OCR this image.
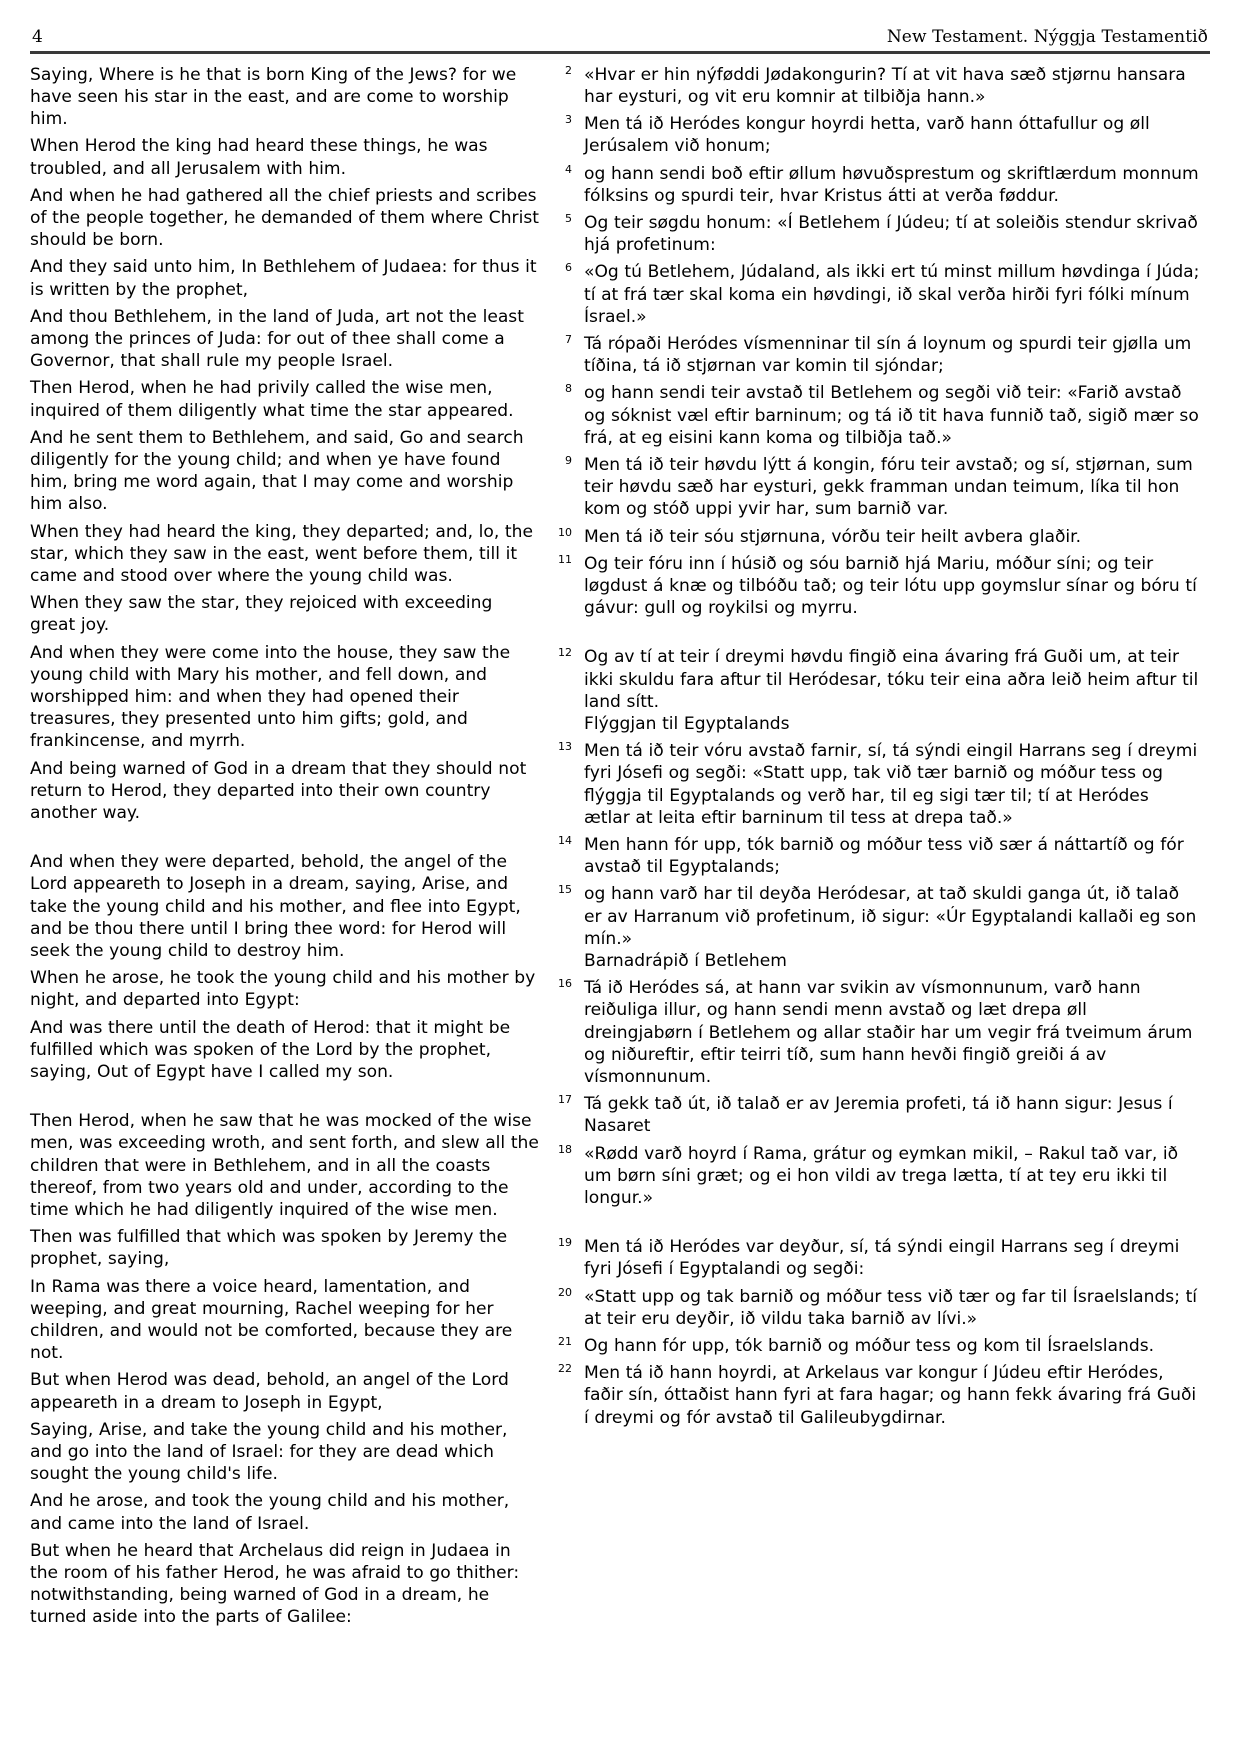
4	New Testament. Nýggja Testamentið

Saying, Where is he that is born King of the Jews? for we have seen his star in the east, and are come to worship him.

When Herod the king had heard these things, he was troubled, and all Jerusalem with him.

And when he had gathered all the chief priests and scribes of the people together, he demanded of them where Christ should be born.

And they said unto him, In Bethlehem of Judaea: for thus it is written by the prophet,

And thou Bethlehem, in the land of Juda, art not the least among the princes of Juda: for out of thee shall come a Governor, that shall rule my people Israel.

Then Herod, when he had privily called the wise men, inquired of them diligently what time the star appeared.

And he sent them to Bethlehem, and said, Go and search diligently for the young child; and when ye have found him, bring me word again, that I may come and worship him also.

When they had heard the king, they departed; and, lo, the star, which they saw in the east, went before them, till it came and stood over where the young child was.

When they saw the star, they rejoiced with exceeding great joy.

And when they were come into the house, they saw the young child with Mary his mother, and fell down, and worshipped him: and when they had opened their treasures, they presented unto him gifts; gold, and frankincense, and myrrh.

And being warned of God in a dream that they should not return to Herod, they departed into their own country another way.

And when they were departed, behold, the angel of the Lord appeareth to Joseph in a dream, saying, Arise, and take the young child and his mother, and flee into Egypt, and be thou there until I bring thee word: for Herod will seek the young child to destroy him.

When he arose, he took the young child and his mother by night, and departed into Egypt:

And was there until the death of Herod: that it might be fulfilled which was spoken of the Lord by the prophet, saying, Out of Egypt have I called my son.

Then Herod, when he saw that he was mocked of the wise men, was exceeding wroth, and sent forth, and slew all the children that were in Bethlehem, and in all the coasts thereof, from two years old and under, according to the time which he had diligently inquired of the wise men.

Then was fulfilled that which was spoken by Jeremy the prophet, saying,

In Rama was there a voice heard, lamentation, and weeping, and great mourning, Rachel weeping for her children, and would not be comforted, because they are not.

But when Herod was dead, behold, an angel of the Lord appeareth in a dream to Joseph in Egypt,

Saying, Arise, and take the young child and his mother, and go into the land of Israel: for they are dead which sought the young child's life.

And he arose, and took the young child and his mother, and came into the land of Israel.

But when he heard that Archelaus did reign in Judaea in the room of his father Herod, he was afraid to go thither: notwithstanding, being warned of God in a dream, he turned aside into the parts of Galilee:

2 «Hvar er hin nýføddi Jødakongurin? Tí at vit hava sæð stjørnu hansara har eysturi, og vit eru komnir at tilbiðja hann.»
3 Men tá ið Heródes kongur hoyrdi hetta, varð hann óttafullur og øll Jerúsalem við honum;
4 og hann sendi boð eftir øllum høvuðsprestum og skriftlærdum monnum fólksins og spurdi teir, hvar Kristus átti at verða føddur.
5 Og teir søgdu honum: «Í Betlehem í Júdeu; tí at soleiðis stendur skrivað hjá profetinum:
6 «Og tú Betlehem, Júdaland, als ikki ert tú minst millum høvdinga í Júda; tí at frá tær skal koma ein høvdingi, ið skal verða hirði fyri fólki mínum Ísrael.»
7 Tá rópaði Heródes vísmenninar til sín á loynum og spurdi teir gjølla um tíðina, tá ið stjørnan var komin til sjóndar;
8 og hann sendi teir avstað til Betlehem og segði við teir: «Farið avstað og sóknist væl eftir barninum; og tá ið tit hava funnið tað, sigið mær so frá, at eg eisini kann koma og tilbiðja tað.»
9 Men tá ið teir høvdu lýtt á kongin, fóru teir avstað; og sí, stjørnan, sum teir høvdu sæð har eysturi, gekk framman undan teimum, líka til hon kom og stóð uppi yvir har, sum barnið var.
10 Men tá ið teir sóu stjørnuna, vórðu teir heilt avbera glaðir.
11 Og teir fóru inn í húsið og sóu barnið hjá Mariu, móður síni; og teir løgdust á knæ og tilbóðu tað; og teir lótu upp goymslur sínar og bóru tí gávur: gull og roykilsi og myrru.
12 Og av tí at teir í dreymi høvdu fingið eina ávaring frá Guði um, at teir ikki skuldu fara aftur til Heródesar, tóku teir eina aðra leið heim aftur til land sítt.
Flýggjan til Egyptalands
13 Men tá ið teir vóru avstað farnir, sí, tá sýndi eingil Harrans seg í dreymi fyri Jósefi og segði: «Statt upp, tak við tær barnið og móður tess og flýggja til Egyptalands og verð har, til eg sigi tær til; tí at Heródes ætlar at leita eftir barninum til tess at drepa tað.»
14 Men hann fór upp, tók barnið og móður tess við sær á náttartíð og fór avstað til Egyptalands;
15 og hann varð har til deyða Heródesar, at tað skuldi ganga út, ið talað er av Harranum við profetinum, ið sigur: «Úr Egyptalandi kallaði eg son mín.»
Barnadrápið í Betlehem
16 Tá ið Heródes sá, at hann var svikin av vísmonnunum, varð hann reiðuliga illur, og hann sendi menn avstað og læt drepa øll dreingjabørn í Betlehem og allar staðir har um vegir frá tveimum árum og niðureftir, eftir teirri tíð, sum hann hevði fingið greiði á av vísmonnunum.
17 Tá gekk tað út, ið talað er av Jeremia profeti, tá ið hann sigur: Jesus í Nasaret
18 «Rødd varð hoyrd í Rama, grátur og eymkan mikil, – Rakul tað var, ið um børn síni græt; og ei hon vildi av trega lætta, tí at tey eru ikki til longur.»
19 Men tá ið Heródes var deyður, sí, tá sýndi eingil Harrans seg í dreymi fyri Jósefi í Egyptalandi og segði:
20 «Statt upp og tak barnið og móður tess við tær og far til Ísraelslands; tí at teir eru deyðir, ið vildu taka barnið av lívi.»
21 Og hann fór upp, tók barnið og móður tess og kom til Ísraelslands.
22 Men tá ið hann hoyrdi, at Arkelaus var kongur í Júdeu eftir Heródes, faðir sín, óttaðist hann fyri at fara hagar; og hann fekk ávaring frá Guði í dreymi og fór avstað til Galileubygdirnar.
